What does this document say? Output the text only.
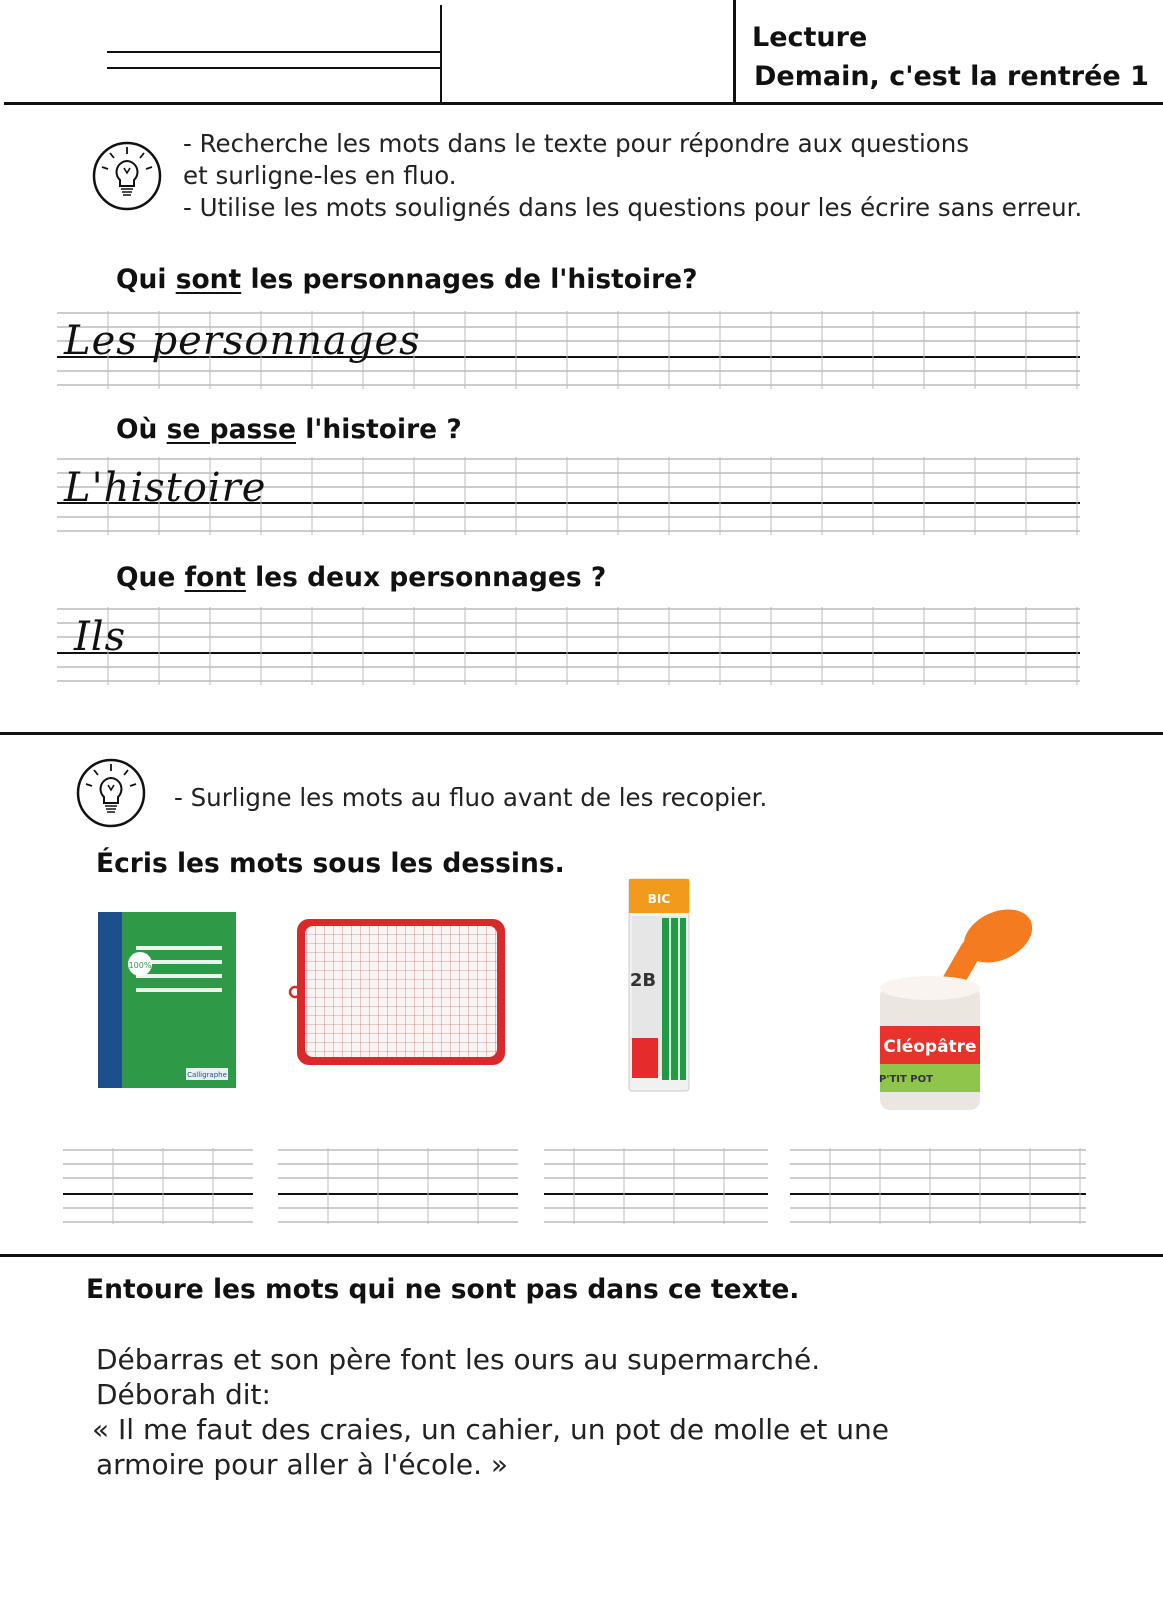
Lecture
Demain, c'est la rentrée 1
- Recherche les mots dans le texte pour répondre aux questions
et surligne-les en fluo.
- Utilise les mots soulignés dans les questions pour les écrire sans erreur.
Qui sont les personnages de l'histoire?
Les personnages
Où se passe l'histoire ?
L'histoire
Que font les deux personnages ?
Ils
- Surligne les mots au fluo avant de les recopier.
Écris les mots sous les dessins.
100%
Calligraphe
BIC
2B
Cléopâtre
P'TIT POT
Entoure les mots qui ne sont pas dans ce texte.
Débarras et son père font les ours au supermarché.
Déborah dit:
« Il me faut des craies, un cahier, un pot de molle et une
armoire pour aller à l'école. »
